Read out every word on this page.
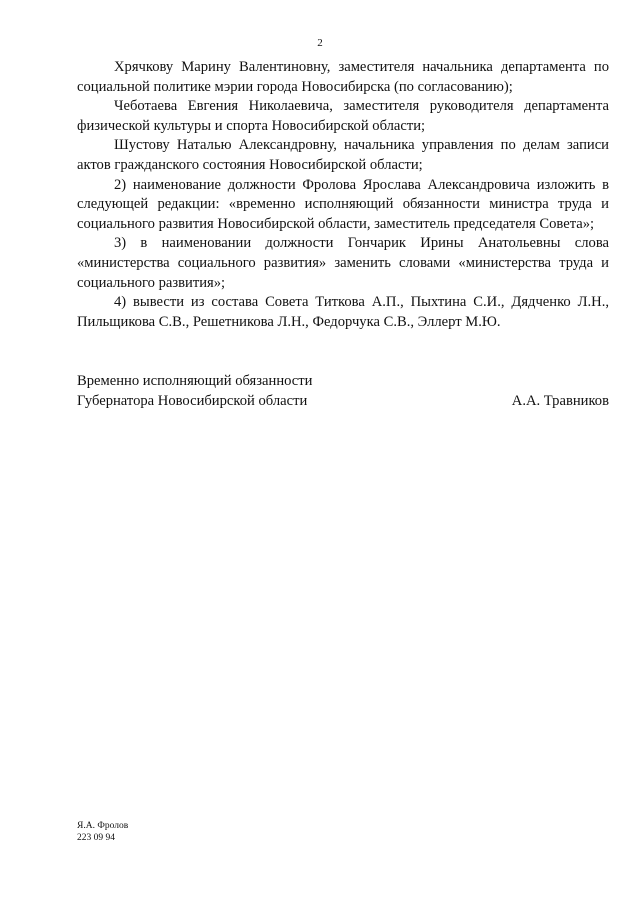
2

Хрячкову Марину Валентиновну, заместителя начальника департамента по социальной политике мэрии города Новосибирска (по согласованию);

Чеботаева Евгения Николаевича, заместителя руководителя департамента физической культуры и спорта Новосибирской области;

Шустову Наталью Александровну, начальника управления по делам записи актов гражданского состояния Новосибирской области;

2) наименование должности Фролова Ярослава Александровича изложить в следующей редакции: «временно исполняющий обязанности министра труда и социального развития Новосибирской области, заместитель председателя Совета»;

3) в наименовании должности Гончарик Ирины Анатольевны слова «министерства социального развития» заменить словами «министерства труда и социального развития»;

4) вывести из состава Совета Титкова А.П., Пыхтина С.И., Дядченко Л.Н., Пильщикова С.В., Решетникова Л.Н., Федорчука С.В., Эллерт М.Ю.

Временно исполняющий обязанности
Губернатора Новосибирской области	А.А. Травников
Я.А. Фролов
223 09 94
